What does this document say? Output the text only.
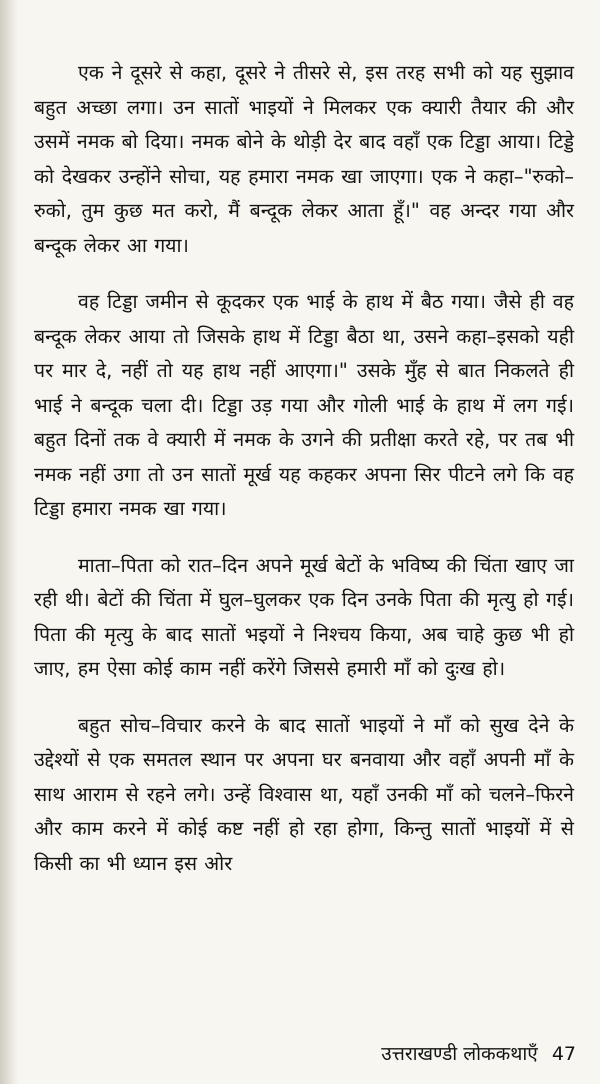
एक ने दूसरे से कहा, दूसरे ने तीसरे से, इस तरह सभी को यह सुझाव बहुत अच्छा लगा। उन सातों भाइयों ने मिलकर एक क्यारी तैयार की और उसमें नमक बो दिया। नमक बोने के थोड़ी देर बाद वहाँ एक टिड्डा आया। टिड्डे को देखकर उन्होंने सोचा, यह हमारा नमक खा जाएगा। एक ने कहा–"रुको–रुको, तुम कुछ मत करो, मैं बन्दूक लेकर आता हूँ।" वह अन्दर गया और बन्दूक लेकर आ गया।

वह टिड्डा जमीन से कूदकर एक भाई के हाथ में बैठ गया। जैसे ही वह बन्दूक लेकर आया तो जिसके हाथ में टिड्डा बैठा था, उसने कहा–इसको यही पर मार दे, नहीं तो यह हाथ नहीं आएगा।" उसके मुँह से बात निकलते ही भाई ने बन्दूक चला दी। टिड्डा उड़ गया और गोली भाई के हाथ में लग गई। बहुत दिनों तक वे क्यारी में नमक के उगने की प्रतीक्षा करते रहे, पर तब भी नमक नहीं उगा तो उन सातों मूर्ख यह कहकर अपना सिर पीटने लगे कि वह टिड्डा हमारा नमक खा गया।

माता–पिता को रात–दिन अपने मूर्ख बेटों के भविष्य की चिंता खाए जा रही थी। बेटों की चिंता में घुल–घुलकर एक दिन उनके पिता की मृत्यु हो गई। पिता की मृत्यु के बाद सातों भइयों ने निश्चय किया, अब चाहे कुछ भी हो जाए, हम ऐसा कोई काम नहीं करेंगे जिससे हमारी माँ को दुःख हो।

बहुत सोच–विचार करने के बाद सातों भाइयों ने माँ को सुख देने के उद्देश्यों से एक समतल स्थान पर अपना घर बनवाया और वहाँ अपनी माँ के साथ आराम से रहने लगे। उन्हें विश्वास था, यहाँ उनकी माँ को चलने–फिरने और काम करने में कोई कष्ट नहीं हो रहा होगा, किन्तु सातों भाइयों में से किसी का भी ध्यान इस ओर

उत्तराखण्डी लोककथाएँ 47
